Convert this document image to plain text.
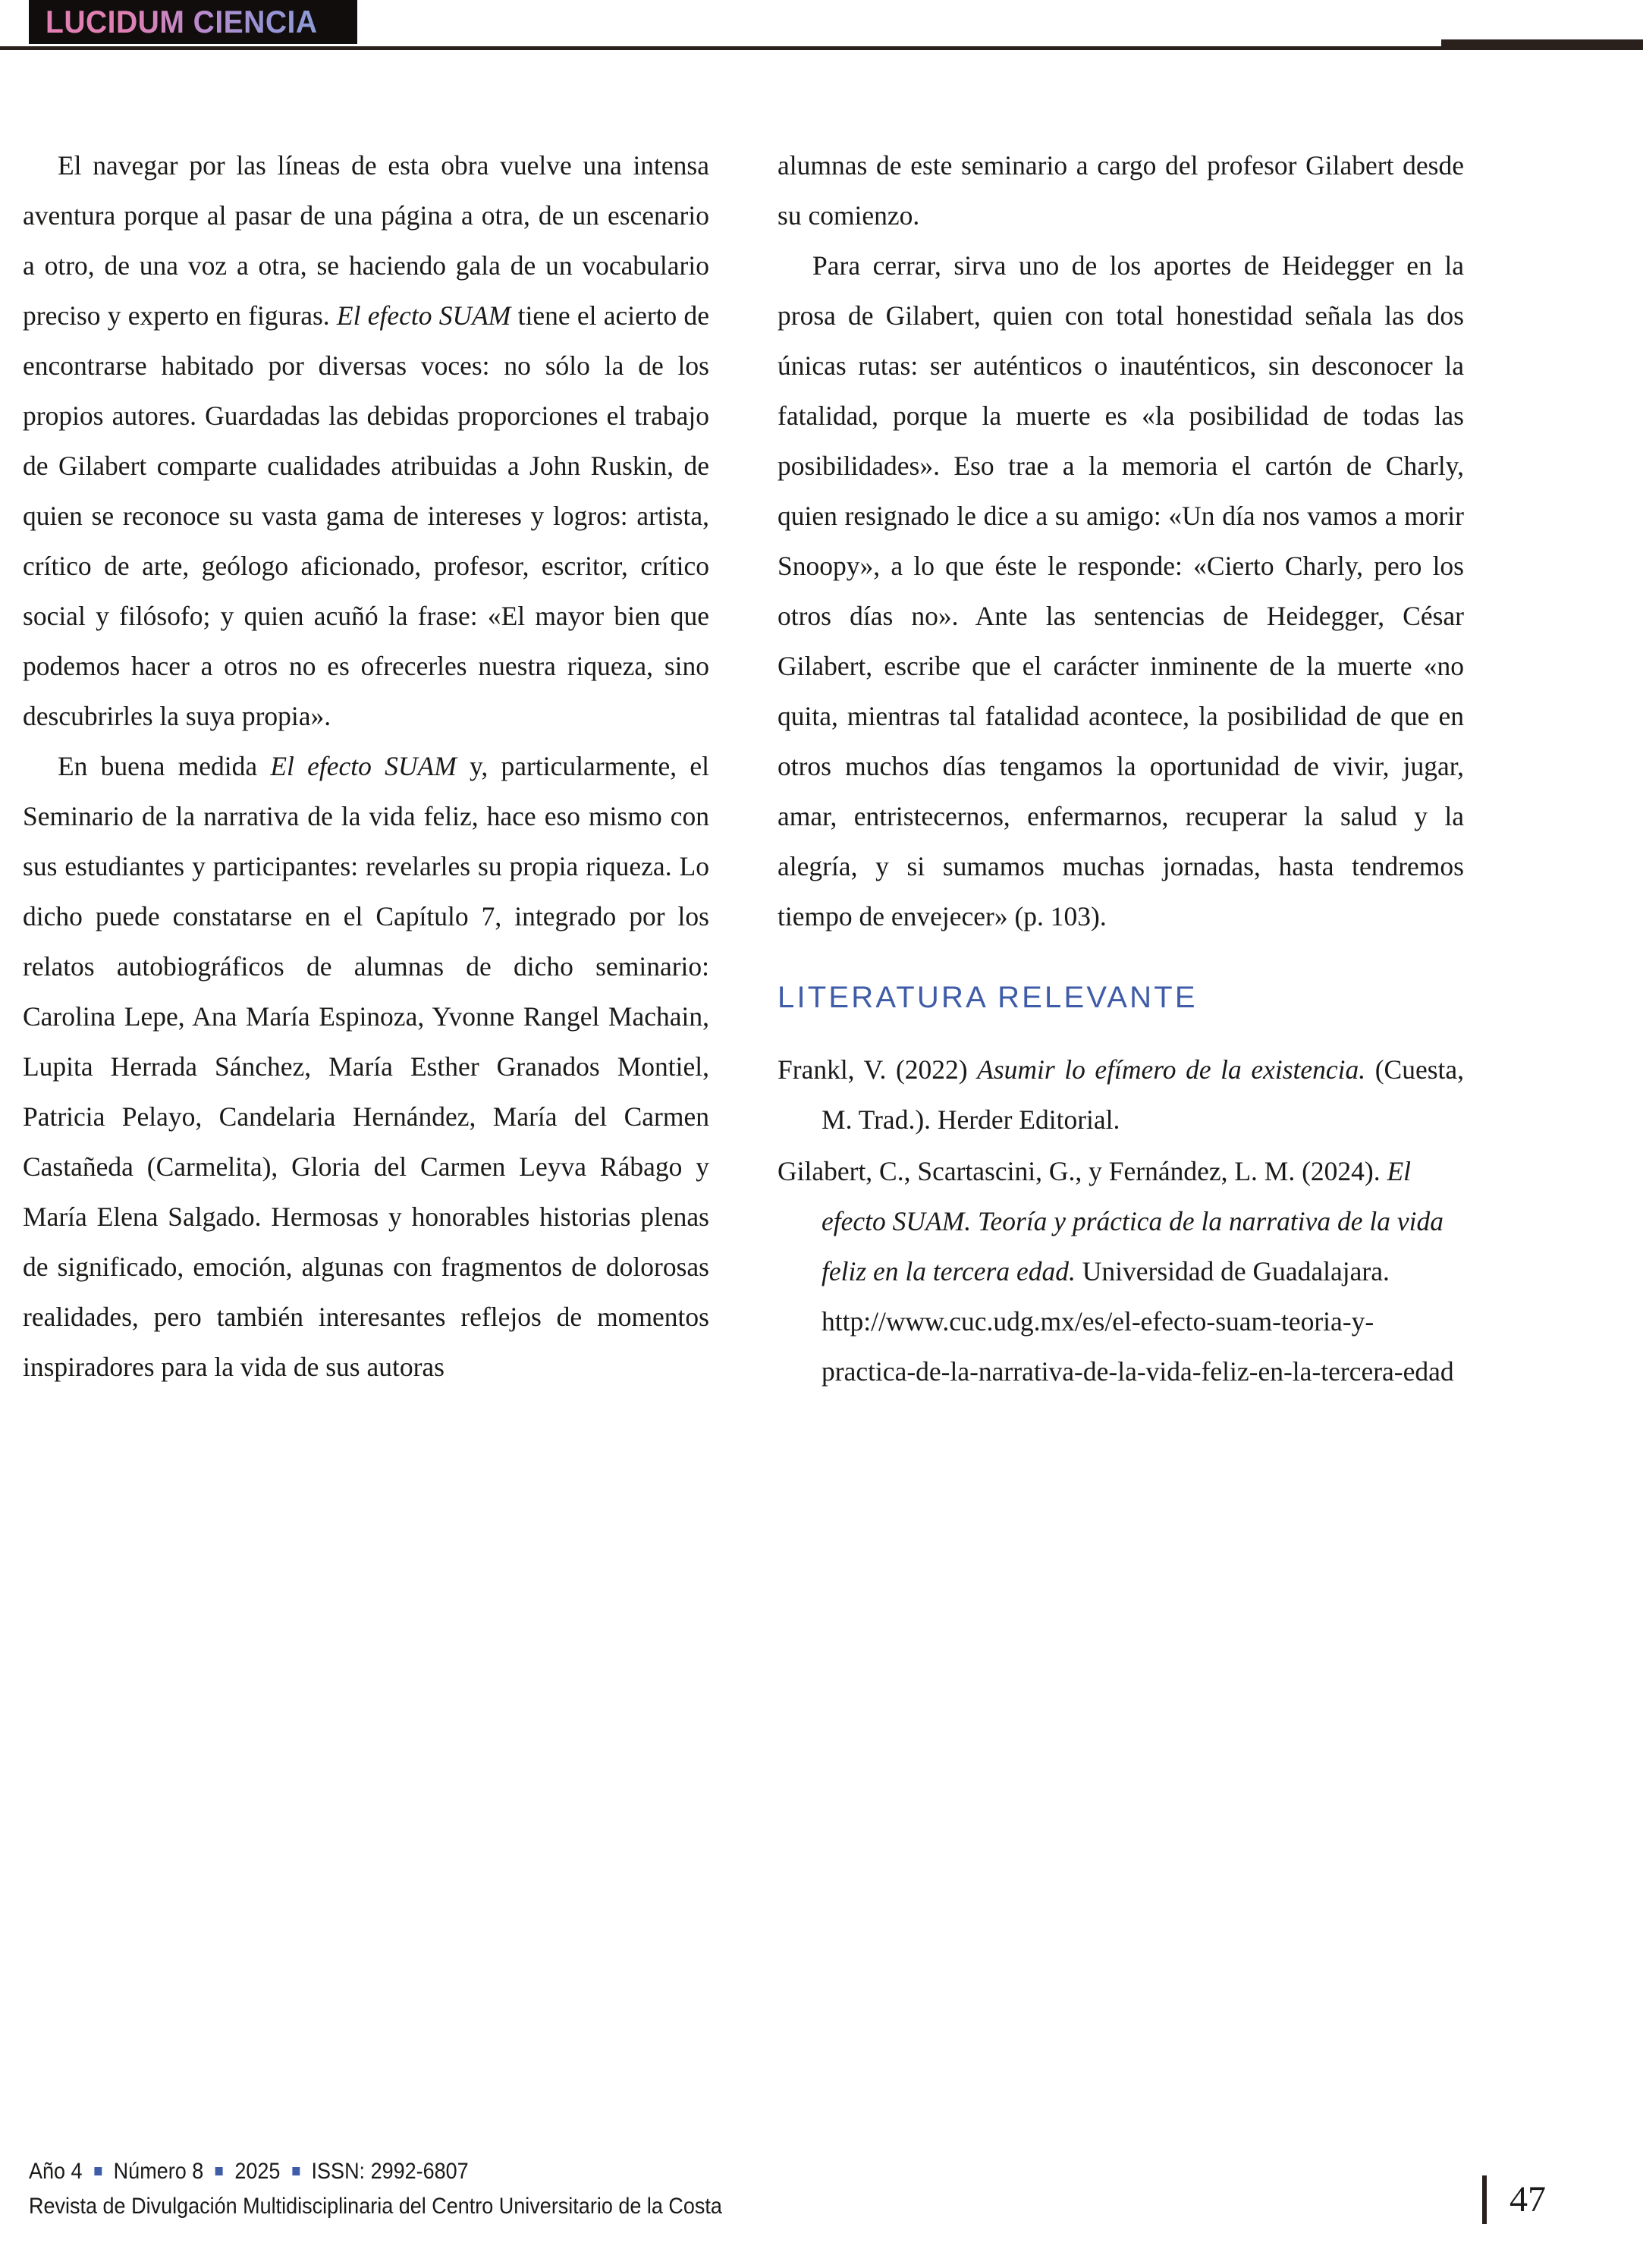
LUCIDUM CIENCIA

El navegar por las líneas de esta obra vuelve una intensa aventura porque al pasar de una página a otra, de un escenario a otro, de una voz a otra, se haciendo gala de un vocabulario preciso y experto en figuras. El efecto SUAM tiene el acierto de encontrarse habitado por diversas voces: no sólo la de los propios autores. Guardadas las debidas proporciones el trabajo de Gilabert comparte cualidades atribuidas a John Ruskin, de quien se reconoce su vasta gama de intereses y logros: artista, crítico de arte, geólogo aficionado, profesor, escritor, crítico social y filósofo; y quien acuñó la frase: «El mayor bien que podemos hacer a otros no es ofrecerles nuestra riqueza, sino descubrirles la suya propia».

En buena medida El efecto SUAM y, particularmente, el Seminario de la narrativa de la vida feliz, hace eso mismo con sus estudiantes y participantes: revelarles su propia riqueza. Lo dicho puede constatarse en el Capítulo 7, integrado por los relatos autobiográficos de alumnas de dicho seminario: Carolina Lepe, Ana María Espinoza, Yvonne Rangel Machain, Lupita Herrada Sánchez, María Esther Granados Montiel, Patricia Pelayo, Candelaria Hernández, María del Carmen Castañeda (Carmelita), Gloria del Carmen Leyva Rábago y María Elena Salgado. Hermosas y honorables historias plenas de significado, emoción, algunas con fragmentos de dolorosas realidades, pero también interesantes reflejos de momentos inspiradores para la vida de sus autoras

alumnas de este seminario a cargo del profesor Gilabert desde su comienzo.

Para cerrar, sirva uno de los aportes de Heidegger en la prosa de Gilabert, quien con total honestidad señala las dos únicas rutas: ser auténticos o inauténticos, sin desconocer la fatalidad, porque la muerte es «la posibilidad de todas las posibilidades». Eso trae a la memoria el cartón de Charly, quien resignado le dice a su amigo: «Un día nos vamos a morir Snoopy», a lo que éste le responde: «Cierto Charly, pero los otros días no». Ante las sentencias de Heidegger, César Gilabert, escribe que el carácter inminente de la muerte «no quita, mientras tal fatalidad acontece, la posibilidad de que en otros muchos días tengamos la oportunidad de vivir, jugar, amar, entristecernos, enfermarnos, recuperar la salud y la alegría, y si sumamos muchas jornadas, hasta tendremos tiempo de envejecer» (p. 103).

LITERATURA RELEVANTE

Frankl, V. (2022) Asumir lo efímero de la existencia. (Cuesta, M. Trad.). Herder Editorial.

Gilabert, C., Scartascini, G., y Fernández, L. M. (2024). El efecto SUAM. Teoría y práctica de la narrativa de la vida feliz en la tercera edad. Universidad de Guadalajara. http://www.cuc.udg.mx/es/el-efecto-suam-teoria-y-practica-de-la-narrativa-de-la-vida-feliz-en-la-tercera-edad

Año 4 Número 8 2025 ISSN: 2992-6807
Revista de Divulgación Multidisciplinaria del Centro Universitario de la Costa	47
